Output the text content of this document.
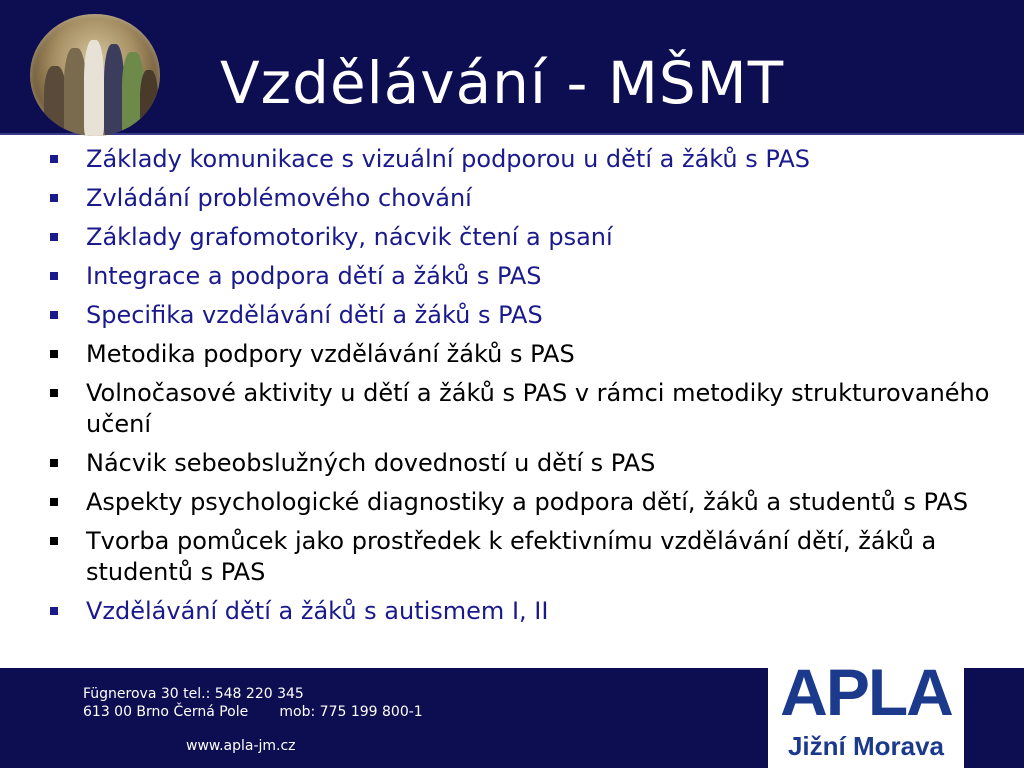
Vzdělávání - MŠMT
Základy komunikace s vizuální podporou u dětí a žáků s PAS
Zvládání problémového chování
Základy grafomotoriky, nácvik čtení a psaní
Integrace a podpora dětí a žáků s PAS
Specifika vzdělávání dětí a žáků s PAS
Metodika podpory vzdělávání žáků s PAS
Volnočasové aktivity u dětí a žáků s PAS v rámci metodiky strukturovaného učení
Nácvik sebeobslužných dovedností u dětí s PAS
Aspekty psychologické diagnostiky a podpora dětí, žáků a studentů s PAS
Tvorba pomůcek jako prostředek k efektivnímu vzdělávání dětí, žáků a studentů s PAS
Vzdělávání dětí a žáků s autismem I, II
Fügnerova 30 tel.: 548 220 345
613 00 Brno Černá Pole       mob: 775 199 800-1
www.apla-jm.cz
APLA
Jižní Morava
